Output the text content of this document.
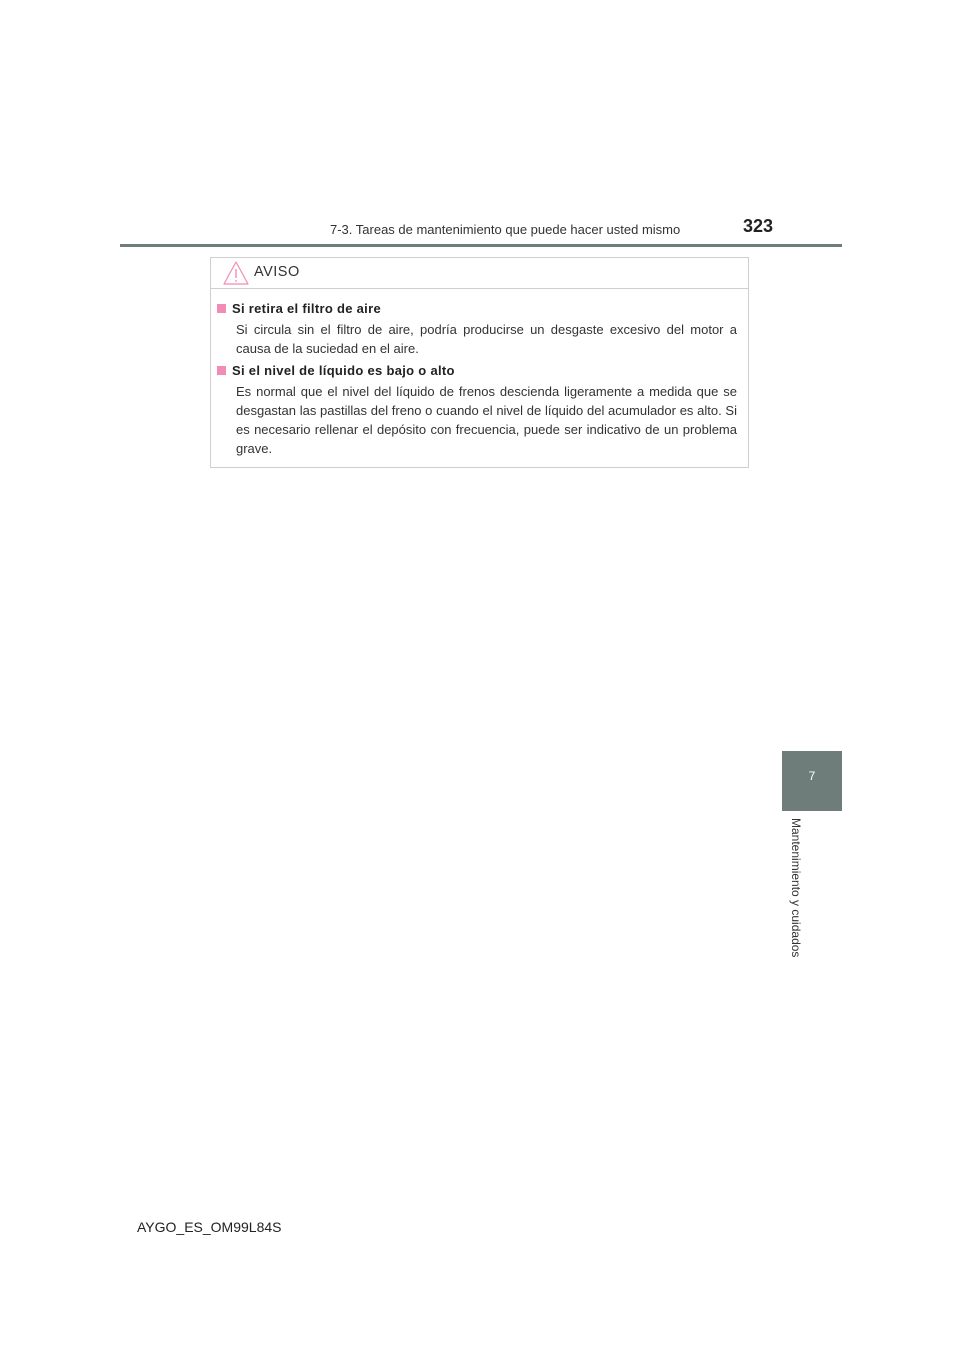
7-3. Tareas de mantenimiento que puede hacer usted mismo	323
7
Mantenimiento y cuidados
AVISO
Si retira el filtro de aire
Si circula sin el filtro de aire, podría producirse un desgaste excesivo del motor a causa de la suciedad en el aire.
Si el nivel de líquido es bajo o alto
Es normal que el nivel del líquido de frenos descienda ligeramente a medida que se desgastan las pastillas del freno o cuando el nivel de líquido del acumulador es alto. Si es necesario rellenar el depósito con frecuencia, puede ser indicativo de un problema grave.
AYGO_ES_OM99L84S
